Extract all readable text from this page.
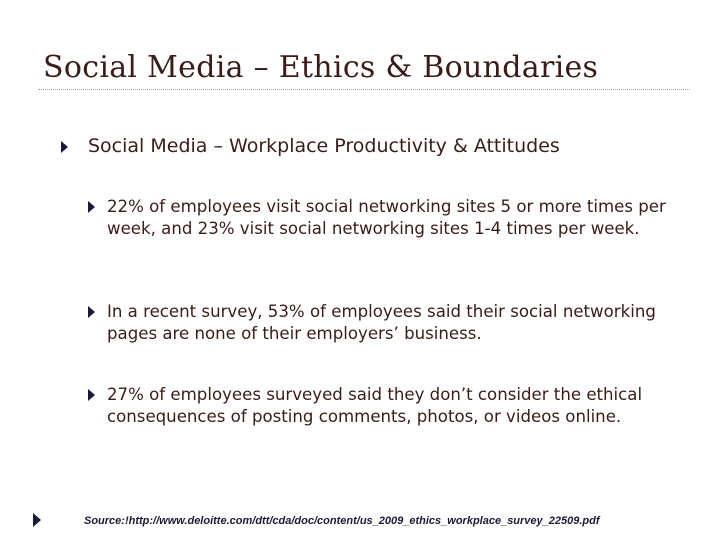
Social Media – Ethics & Boundaries
Social Media – Workplace Productivity & Attitudes
22% of employees visit social networking sites 5 or more times per week, and 23% visit social networking sites 1-4 times per week.
In a recent survey, 53% of employees said their social networking pages are none of their employers’ business.
27% of employees surveyed said they don’t consider the ethical consequences of posting comments, photos, or videos online.
Source:!http://www.deloitte.com/dtt/cda/doc/content/us_2009_ethics_workplace_survey_22509.pdf
